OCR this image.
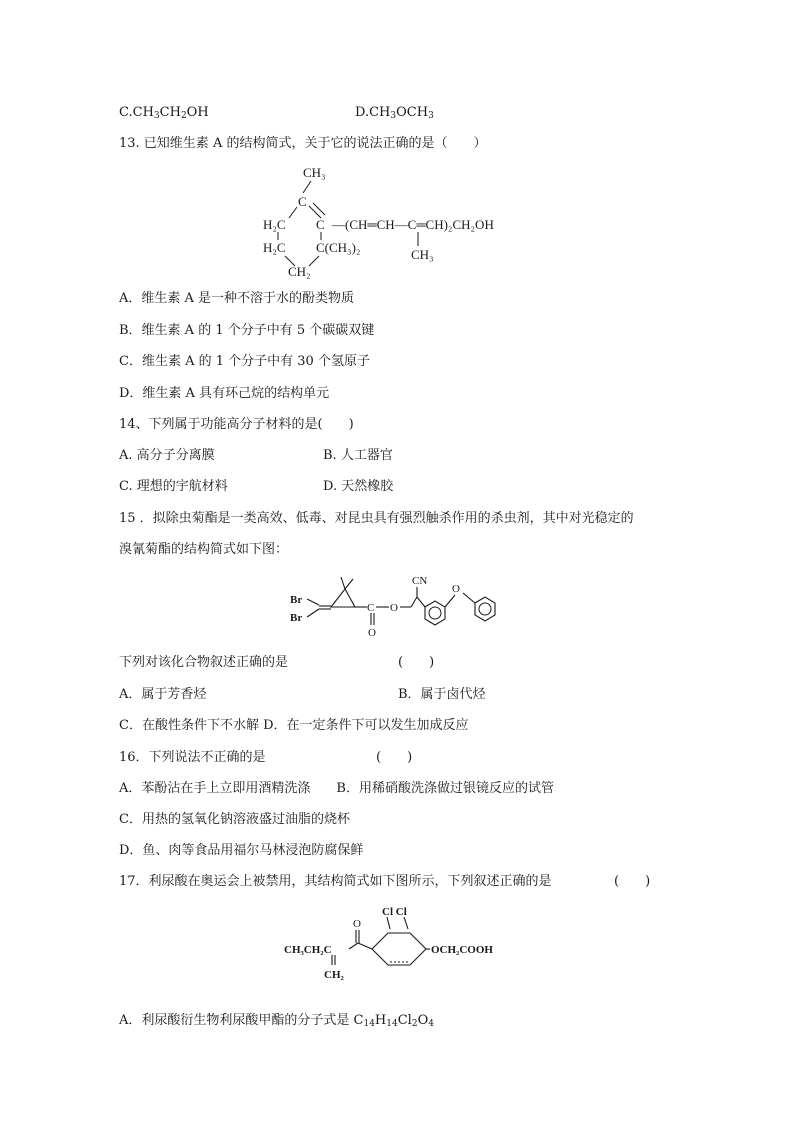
$C.CH_3CH_2OH$	$D.CH_3OCH_3$
13. 已知维生素 A 的结构简式，关于它的说法正确的是（　　）
CH₃
C
H₂C C —(CH═CH—C═CH)₂CH₂OH
H₂C C(CH₃)₂	CH₃
CH₂
A．维生素 A 是一种不溶于水的酚类物质
B．维生素 A 的 1 个分子中有 5 个碳碳双键
C．维生素 A 的 1 个分子中有 30 个氢原子
D．维生素 A 具有环己烷的结构单元
14、下列属于功能高分子材料的是(　　)
A. 高分子分离膜	B. 人工器官
C. 理想的宇航材料	D. 天然橡胶
15 ．拟除虫菊酯是一类高效、低毒、对昆虫具有强烈触杀作用的杀虫剂，其中对光稳定的
溴氰菊酯的结构简式如下图：
Br
Br
C
O
O
CN
O
下列对该化合物叙述正确的是	(　　)
A．属于芳香烃	B．属于卤代烃
C．在酸性条件下不水解 D．在一定条件下可以发生加成反应
16．下列说法不正确的是	(　　)
A．苯酚沾在手上立即用酒精洗涤　　B．用稀硝酸洗涤做过银镜反应的试管
C．用热的氢氧化钠溶液盛过油脂的烧杯
D．鱼、肉等食品用福尔马林浸泡防腐保鲜
17．利尿酸在奥运会上被禁用，其结构简式如下图所示，下列叙述正确的是	(　　)
Cl Cl
O
CH₃CH₂C
CH₂
OCH₂COOH
A．利尿酸衍生物利尿酸甲酯的分子式是 $C_{14}H_{14}Cl_2O_4$
